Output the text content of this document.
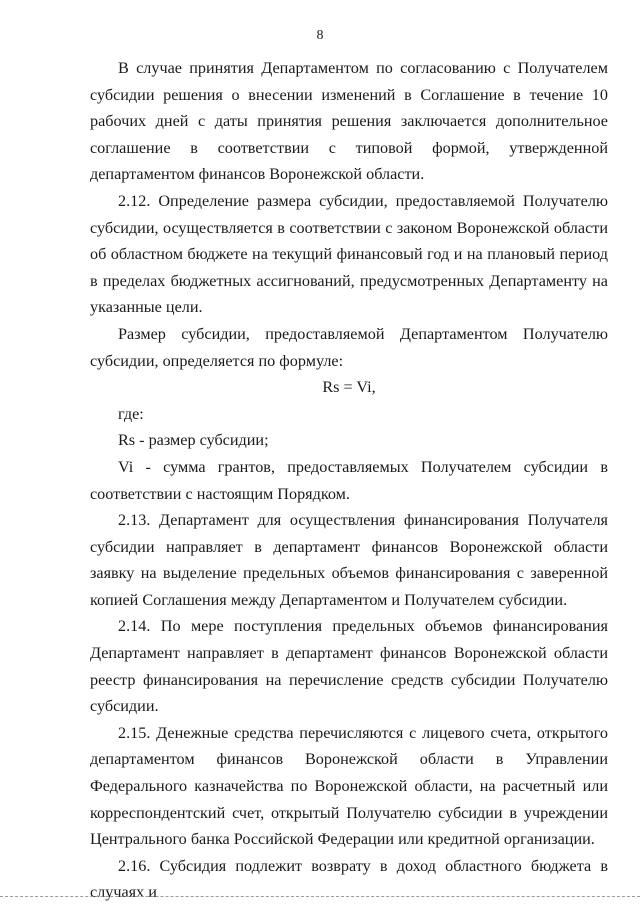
8

В случае принятия Департаментом по согласованию с Получателем субсидии решения о внесении изменений в Соглашение в течение 10 рабочих дней с даты принятия решения заключается дополнительное соглашение в соответствии с типовой формой, утвержденной департаментом финансов Воронежской области.

2.12. Определение размера субсидии, предоставляемой Получателю субсидии, осуществляется в соответствии с законом Воронежской области об областном бюджете на текущий финансовый год и на плановый период в пределах бюджетных ассигнований, предусмотренных Департаменту на указанные цели.

Размер субсидии, предоставляемой Департаментом Получателю субсидии, определяется по формуле:

Rs = Vi,

где:

Rs - размер субсидии;

Vi - сумма грантов, предоставляемых Получателем субсидии в соответствии с настоящим Порядком.

2.13. Департамент для осуществления финансирования Получателя субсидии направляет в департамент финансов Воронежской области заявку на выделение предельных объемов финансирования с заверенной копией Соглашения между Департаментом и Получателем субсидии.

2.14. По мере поступления предельных объемов финансирования Департамент направляет в департамент финансов Воронежской области реестр финансирования на перечисление средств субсидии Получателю субсидии.

2.15. Денежные средства перечисляются с лицевого счета, открытого департаментом финансов Воронежской области в Управлении Федерального казначейства по Воронежской области, на расчетный или корреспондентский счет, открытый Получателю субсидии в учреждении Центрального банка Российской Федерации или кредитной организации.

2.16. Субсидия подлежит возврату в доход областного бюджета в случаях и
